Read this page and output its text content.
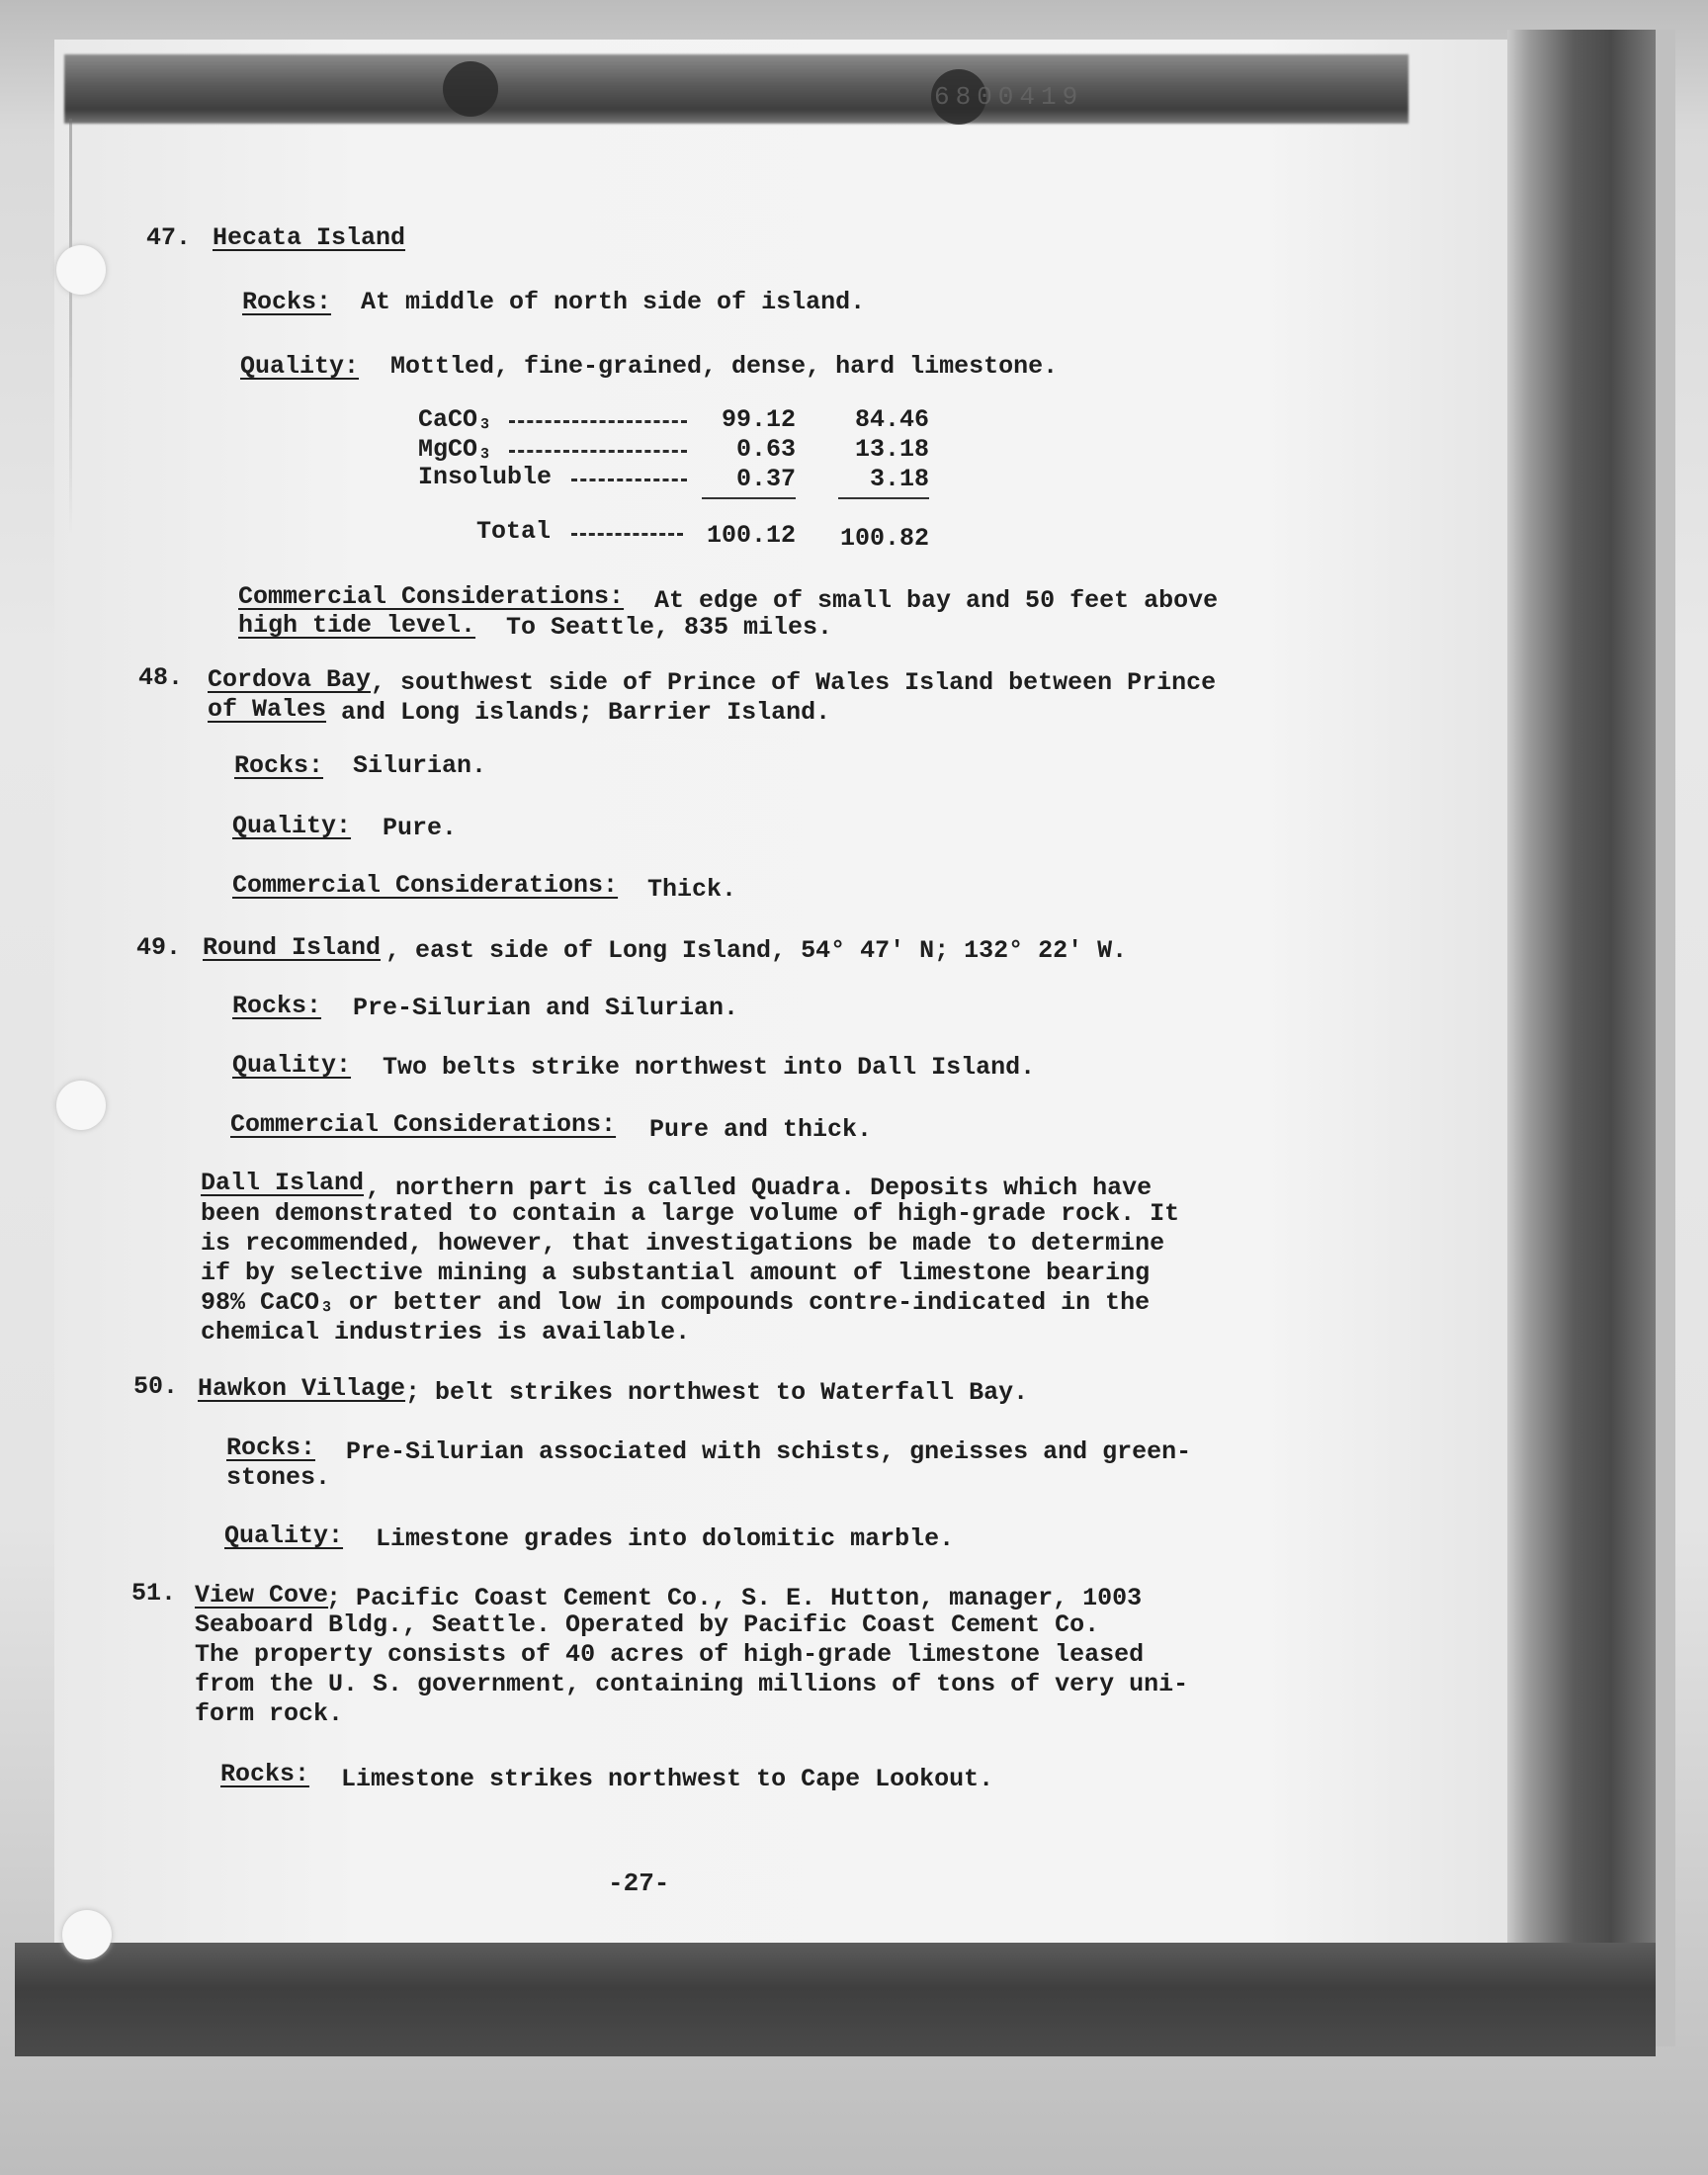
6800419
47. Hecata Island
Rocks: At middle of north side of island.
Quality: Mottled, fine-grained, dense, hard limestone.
CaCO₃	99.12	84.46
MgCO₃	0.63	13.18
Insoluble	0.37	3.18
Total	100.12	100.82
Commercial Considerations: At edge of small bay and 50 feet above
high tide level. To Seattle, 835 miles.
48. Cordova Bay , southwest side of Prince of Wales Island between Prince
of Wales and Long islands; Barrier Island.
Rocks: Silurian.
Quality: Pure.
Commercial Considerations: Thick.
49. Round Island , east side of Long Island, 54° 47' N; 132° 22' W.
Rocks: Pre-Silurian and Silurian.
Quality: Two belts strike northwest into Dall Island.
Commercial Considerations: Pure and thick.
Dall Island , northern part is called Quadra. Deposits which have
been demonstrated to contain a large volume of high-grade rock. It
is recommended, however, that investigations be made to determine
if by selective mining a substantial amount of limestone bearing
98% CaCO₃ or better and low in compounds contre-indicated in the
chemical industries is available.
50. Hawkon Village ; belt strikes northwest to Waterfall Bay.
Rocks: Pre-Silurian associated with schists, gneisses and green-
stones.
Quality: Limestone grades into dolomitic marble.
51. View Cove
; Pacific Coast Cement Co., S. E. Hutton, manager, 1003
Seaboard Bldg., Seattle. Operated by Pacific Coast Cement Co.
The property consists of 40 acres of high-grade limestone leased
from the U. S. government, containing millions of tons of very uni-
form rock.
Rocks: Limestone strikes northwest to Cape Lookout.
-27-
